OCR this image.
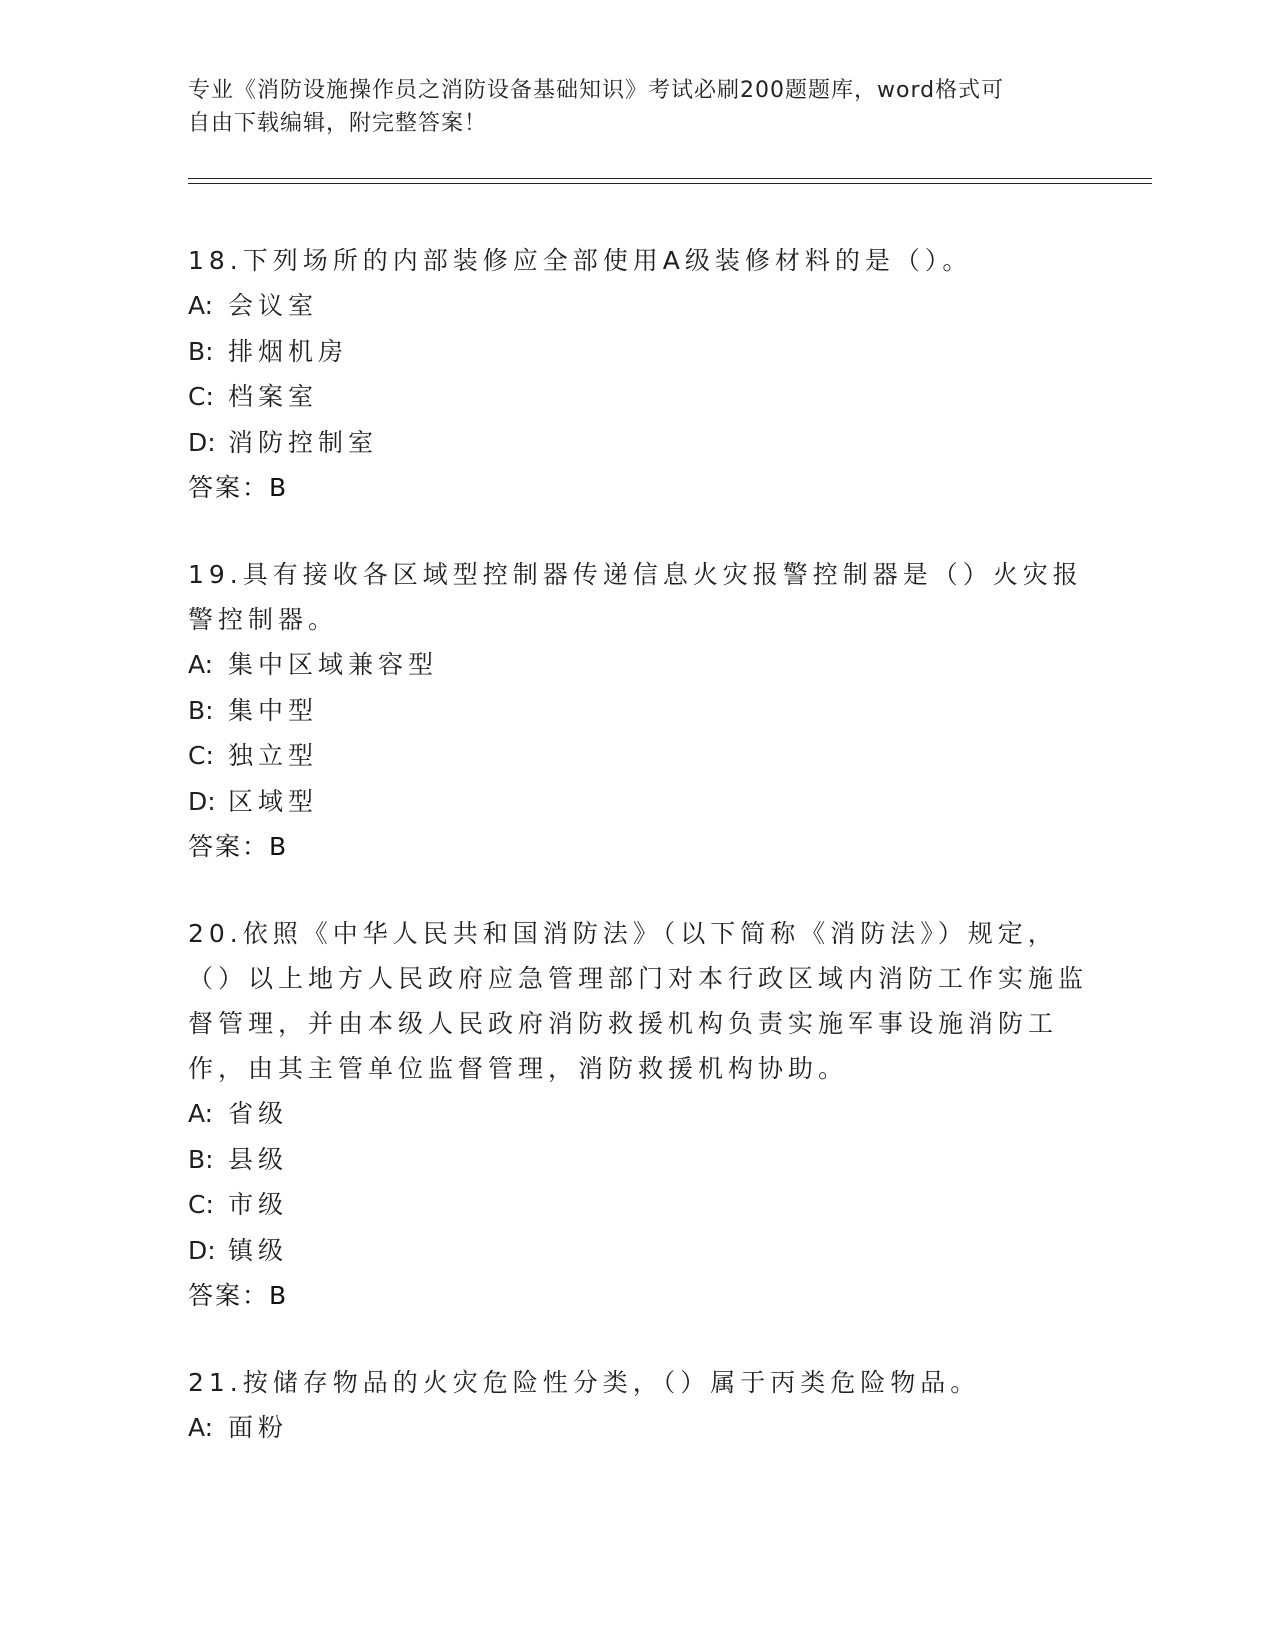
专业《消防设施操作员之消防设备基础知识》考试必刷200题题库，word格式可
自由下载编辑，附完整答案！
18.下列场所的内部装修应全部使用A级装修材料的是（）。
A: 会议室
B: 排烟机房
C: 档案室
D: 消防控制室
答案：B
19.具有接收各区域型控制器传递信息火灾报警控制器是（）火灾报警控制器。
A: 集中区域兼容型
B: 集中型
C: 独立型
D: 区域型
答案：B
20.依照《中华人民共和国消防法》（以下简称《消防法》）规定，（）以上地方人民政府应急管理部门对本行政区域内消防工作实施监督管理，并由本级人民政府消防救援机构负责实施军事设施消防工作，由其主管单位监督管理，消防救援机构协助。
A: 省级
B: 县级
C: 市级
D: 镇级
答案：B
21.按储存物品的火灾危险性分类，（）属于丙类危险物品。
A: 面粉
